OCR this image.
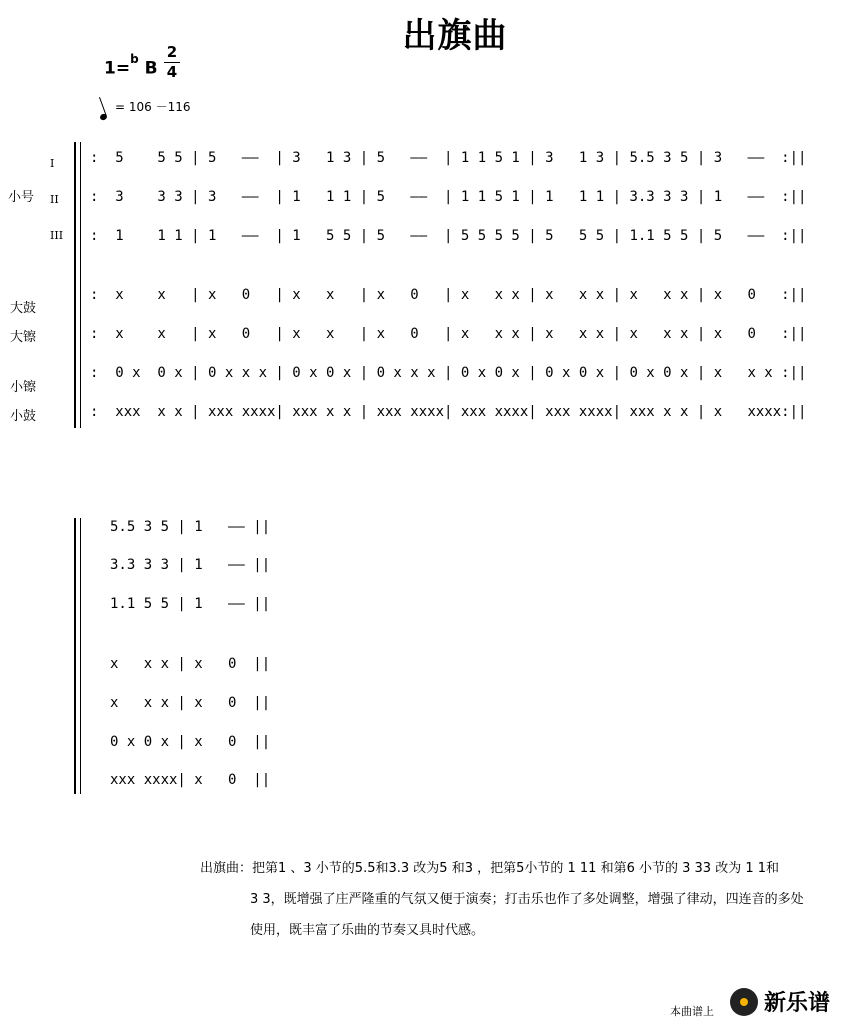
出旗曲
1=$^b$ B
2
4
= 106 －116
小号
I
II
III
大鼓
大镲
小镲
小鼓
:  5    5 5 | 5   ——  | 3   1 3 | 5   ——  | 1 1 5 1 | 3   1 3 | 5.5 3 5 | 3   ——  :||
:  3    3 3 | 3   ——  | 1   1 1 | 5   ——  | 1 1 5 1 | 1   1 1 | 3.3 3 3 | 1   ——  :||
:  1    1 1 | 1   ——  | 1   5 5 | 5   ——  | 5 5 5 5 | 5   5 5 | 1.1 5 5 | 5   ——  :||
:  x    x   | x   0   | x   x   | x   0   | x   x x | x   x x | x   x x | x   0   :||
:  x    x   | x   0   | x   x   | x   0   | x   x x | x   x x | x   x x | x   0   :||
:  0 x  0 x | 0 x x x | 0 x 0 x | 0 x x x | 0 x 0 x | 0 x 0 x | 0 x 0 x | x   x x :||
:  xxx  x x | xxx xxxx| xxx x x | xxx xxxx| xxx xxxx| xxx xxxx| xxx x x | x   xxxx:||
5.5 3 5 | 1   —— ||
3.3 3 3 | 1   —— ||
1.1 5 5 | 1   —— ||
x   x x | x   0  ||
x   x x | x   0  ||
0 x 0 x | x   0  ||
xxx xxxx| x   0  ||
出旗曲：把第1 、3 小节的5.5和3.3 改为5 和3 ，把第5小节的 1 11 和第6 小节的 3 33 改为 1 1和
3 3，既增强了庄严隆重的气氛又便于演奏；打击乐也作了多处调整，增强了律动，四连音的多处
使用，既丰富了乐曲的节奏又具时代感。
本曲谱上 新乐谱
